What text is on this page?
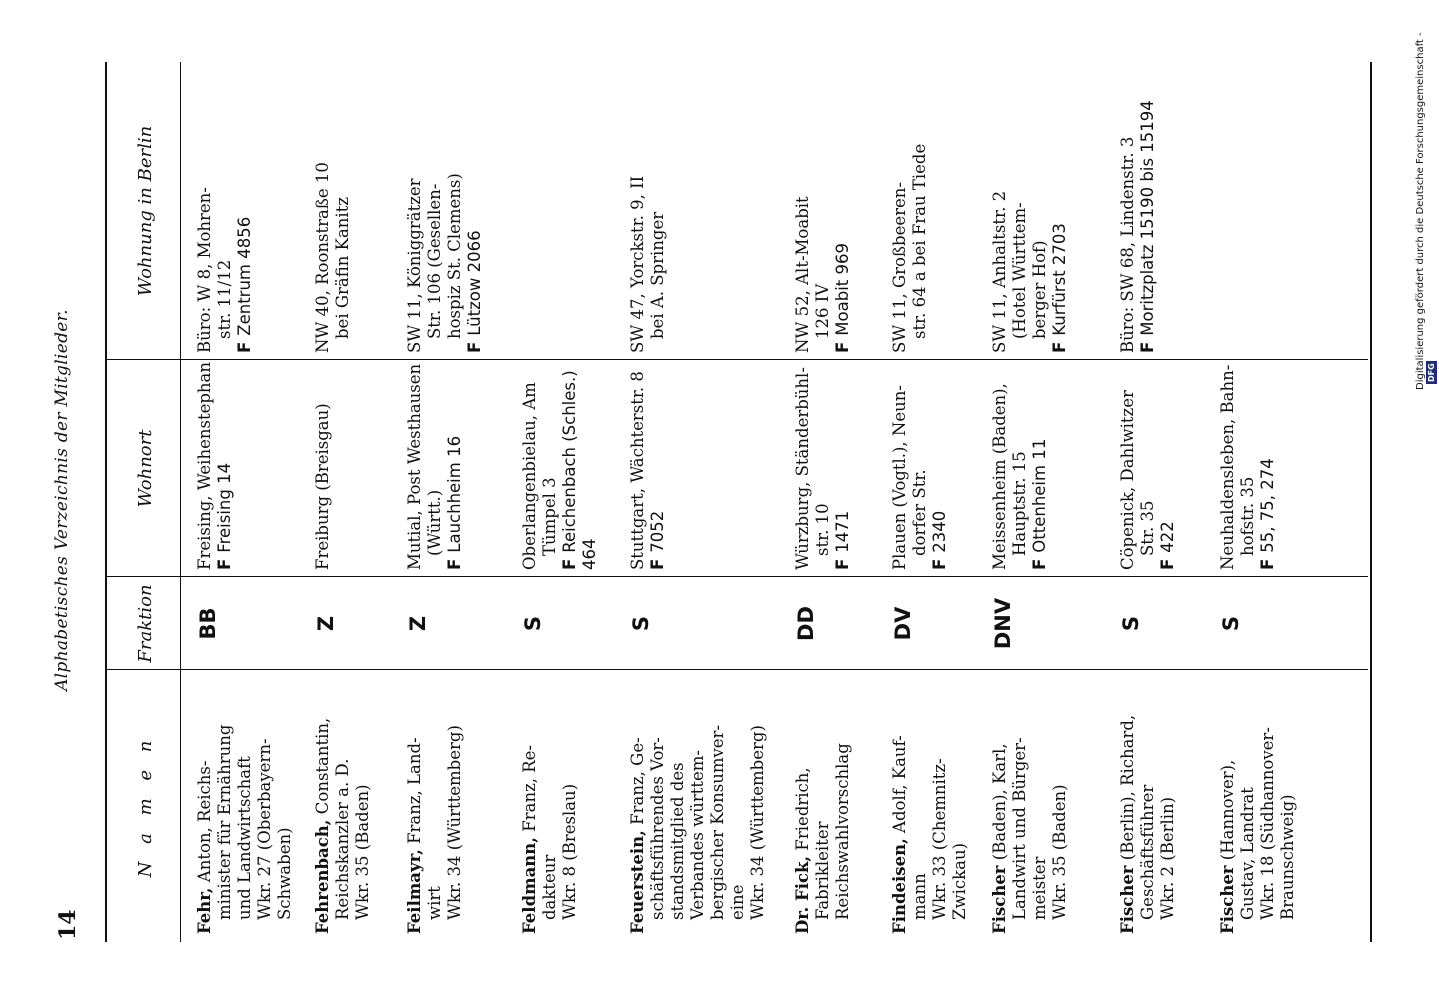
14
Alphabetisches Verzeichnis der Mitglieder.
N a m e n
Fraktion
Wohnort
Wohnung in Berlin
Fehr, Anton, Reichs- minister für Ernährung und Landwirtschaft Wkr. 27 (Oberbayern- Schwaben)
BB
Freising, Weihenstephan FFreising 14
Büro: W 8, Mohren- str. 11/12
FZentrum 4856
Fehrenbach, Constantin, Reichskanzler a. D. Wkr. 35 (Baden)
Z
Freiburg (Breisgau)
NW 40, Roonstraße 10 bei Gräfin Kanitz
Feilmayr, Franz, Land-
wirt Wkr. 34 (Württemberg)
Z
Mutial, Post Westhausen (Württ.)
FLauchheim 16
SW 11, Königgrätzer Str. 106 (Gesellen- hospiz St. Clemens)
FLützow 2066
Feldmann, Franz, Re-
dakteur Wkr. 8 (Breslau)
S
Oberlangenbielau, Am Tümpel 3
FReichenbach (Schles.) 464
Feuerstein, Franz, Ge- schäftsführendes Vor- standsmitglied des Verbandes württem- bergischer Konsumver- eine Wkr. 34 (Württemberg)
S
Stuttgart, Wächterstr. 8 F7052
SW 47, Yorckstr. 9, II bei A. Springer
Dr. Fick, Friedrich,
Fabrikleiter Reichswahlvorschlag
DD
Würzburg, Ständerbühl- str. 10
F1471
NW 52, Alt-Moabit 126 IV
FMoabit 969
Findeisen, Adolf, Kauf-
mann Wkr. 33 (Chemnitz- Zwickau)
DV
Plauen (Vogtl.), Neun- dorfer Str.
F2340
SW 11, Großbeeren- str. 64 a bei Frau Tiede
Fischer (Baden), Karl, Landwirt und Bürger- meister Wkr. 35 (Baden)
DNV
Meissenheim (Baden), Hauptstr. 15
FOttenheim 11
SW 11, Anhaltstr. 2 (Hotel Württem- berger Hof)
FKurfürst 2703
Fischer (Berlin), Richard, Geschäftsführer Wkr. 2 (Berlin)
S
Cöpenick, Dahlwitzer Str. 35
F422
Büro: SW 68, Lindenstr. 3 FMoritzplatz 15190 bis 15194
Fischer (Hannover), Gustav, Landrat Wkr. 18 (Südhannover- Braunschweig)
S
Neuhaldensleben, Bahn- hofstr. 35
F55, 75, 274
Digitalisierung gefördert durch die Deutsche Forschungsgemeinschaft - DFG
